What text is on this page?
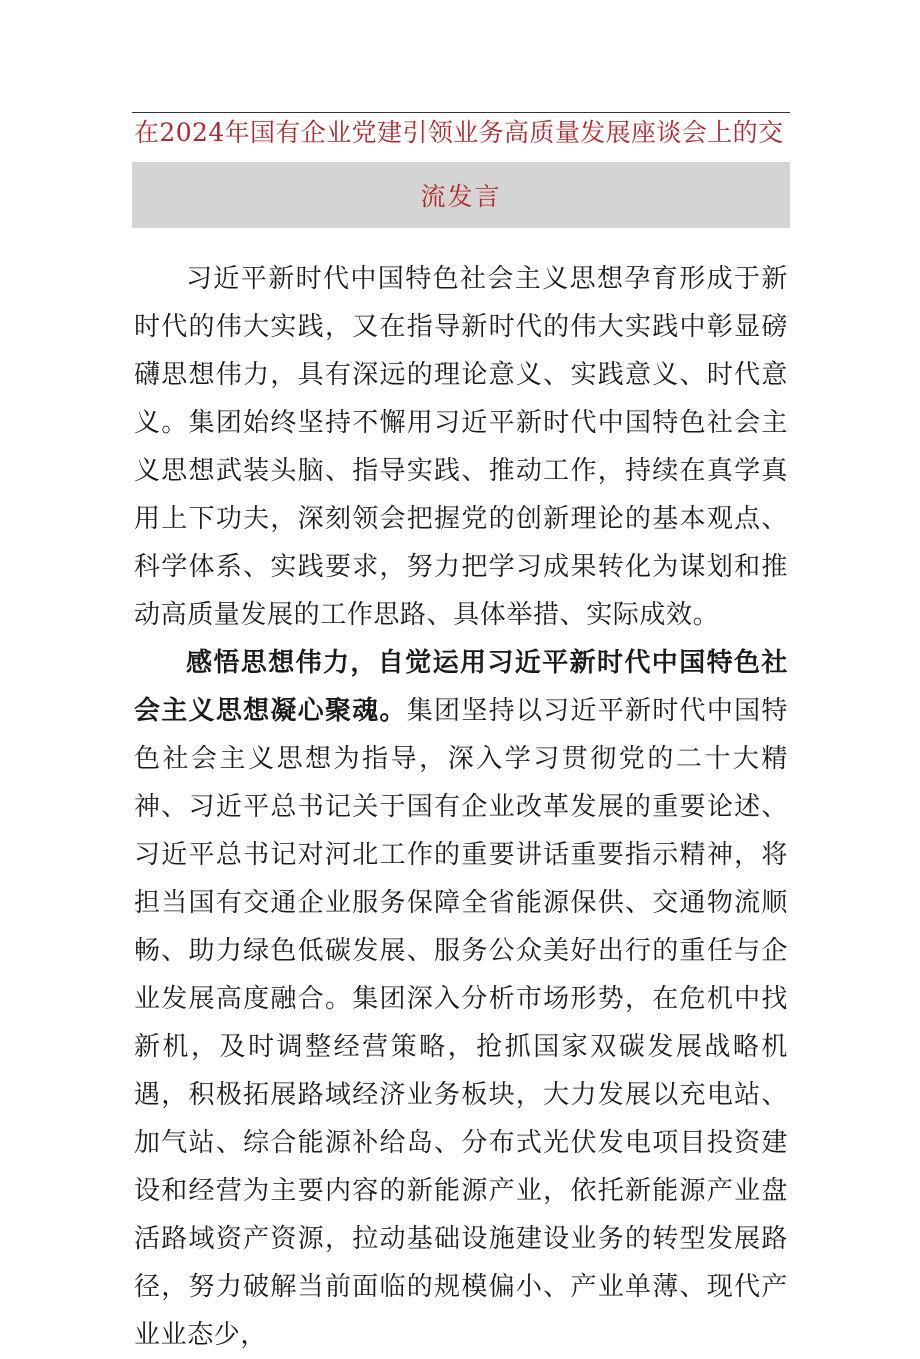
在2024年国有企业党建引领业务高质量发展座谈会上的交
流发言

习近平新时代中国特色社会主义思想孕育形成于新时代的伟大实践，又在指导新时代的伟大实践中彰显磅礴思想伟力，具有深远的理论意义、实践意义、时代意义。集团始终坚持不懈用习近平新时代中国特色社会主义思想武装头脑、指导实践、推动工作，持续在真学真用上下功夫，深刻领会把握党的创新理论的基本观点、科学体系、实践要求，努力把学习成果转化为谋划和推动高质量发展的工作思路、具体举措、实际成效。

感悟思想伟力，自觉运用习近平新时代中国特色社会主义思想凝心聚魂。集团坚持以习近平新时代中国特色社会主义思想为指导，深入学习贯彻党的二十大精神、习近平总书记关于国有企业改革发展的重要论述、习近平总书记对河北工作的重要讲话重要指示精神，将担当国有交通企业服务保障全省能源保供、交通物流顺畅、助力绿色低碳发展、服务公众美好出行的重任与企业发展高度融合。集团深入分析市场形势，在危机中找新机，及时调整经营策略，抢抓国家双碳发展战略机遇，积极拓展路域经济业务板块，大力发展以充电站、加气站、综合能源补给岛、分布式光伏发电项目投资建设和经营为主要内容的新能源产业，依托新能源产业盘活路域资产资源，拉动基础设施建设业务的转型发展路径，努力破解当前面临的规模偏小、产业单薄、现代产业业态少，
